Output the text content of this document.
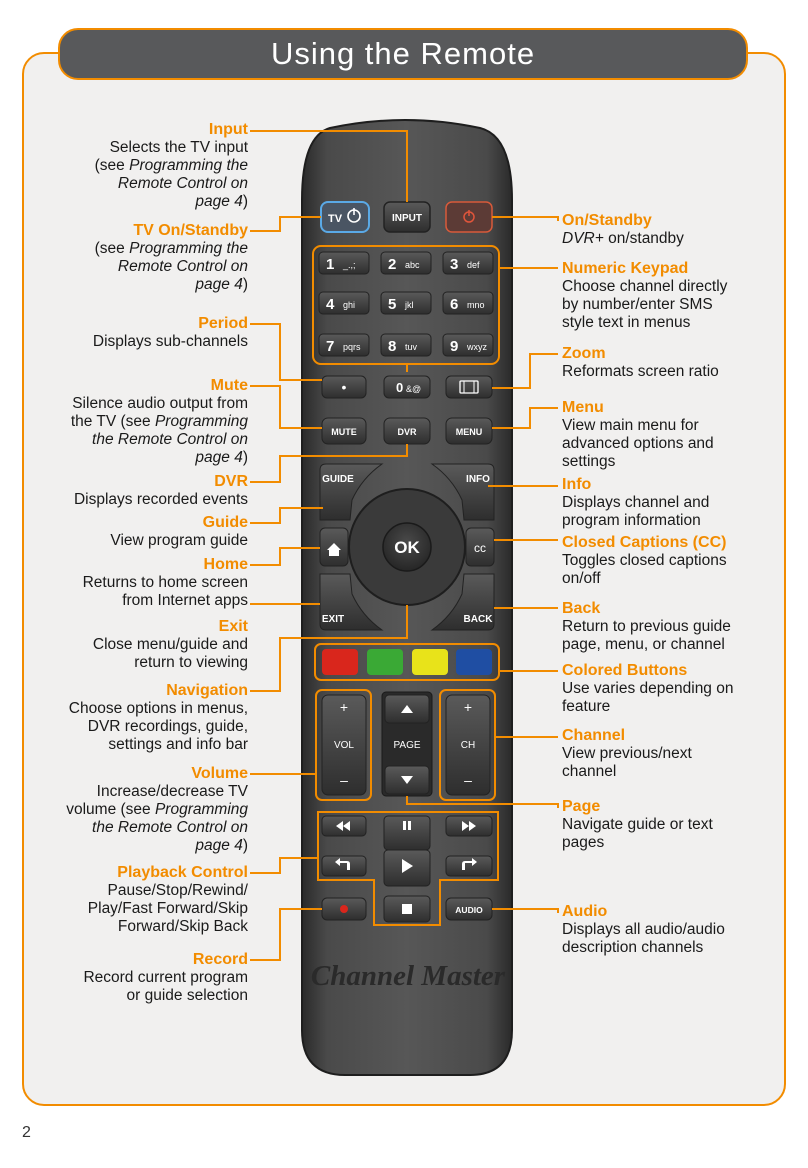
Using the Remote
2
TV	INPUT
1 _.,; 2 abc 3 def
4 ghi 5 jkl 6 mno
7 pqrs 8 tuv 9 wxyz
•	0 &@
MUTE	DVR	MENU
GUIDE	INFO
cc
EXIT	BACK
OK
+
VOL
–
PAGE
+
CH
–
AUDIO
Channel Master
Input
Selects the TV input
(see Programming the
Remote Control on
page 4)
TV On/Standby
(see Programming the
Remote Control on
page 4)
Period
Displays sub-channels
Mute
Silence audio output from
the TV (see Programming
the Remote Control on
page 4)
DVR
Displays recorded events
Guide
View program guide
Home
Returns to home screen
from Internet apps
Exit
Close menu/guide and
return to viewing
Navigation
Choose options in menus,
DVR recordings, guide,
settings and info bar
Volume
Increase/decrease TV
volume (see Programming
the Remote Control on
page 4)
Playback Control
Pause/Stop/Rewind/
Play/Fast Forward/Skip
Forward/Skip Back
Record
Record current program
or guide selection
On/Standby
DVR+ on/standby
Numeric Keypad
Choose channel directly
by number/enter SMS
style text in menus
Zoom
Reformats screen ratio
Menu
View main menu for
advanced options and
settings
Info
Displays channel and
program information
Closed Captions (CC)
Toggles closed captions
on/off
Back
Return to previous guide
page, menu, or channel
Colored Buttons
Use varies depending on
feature
Channel
View previous/next
channel
Page
Navigate guide or text
pages
Audio
Displays all audio/audio
description channels
